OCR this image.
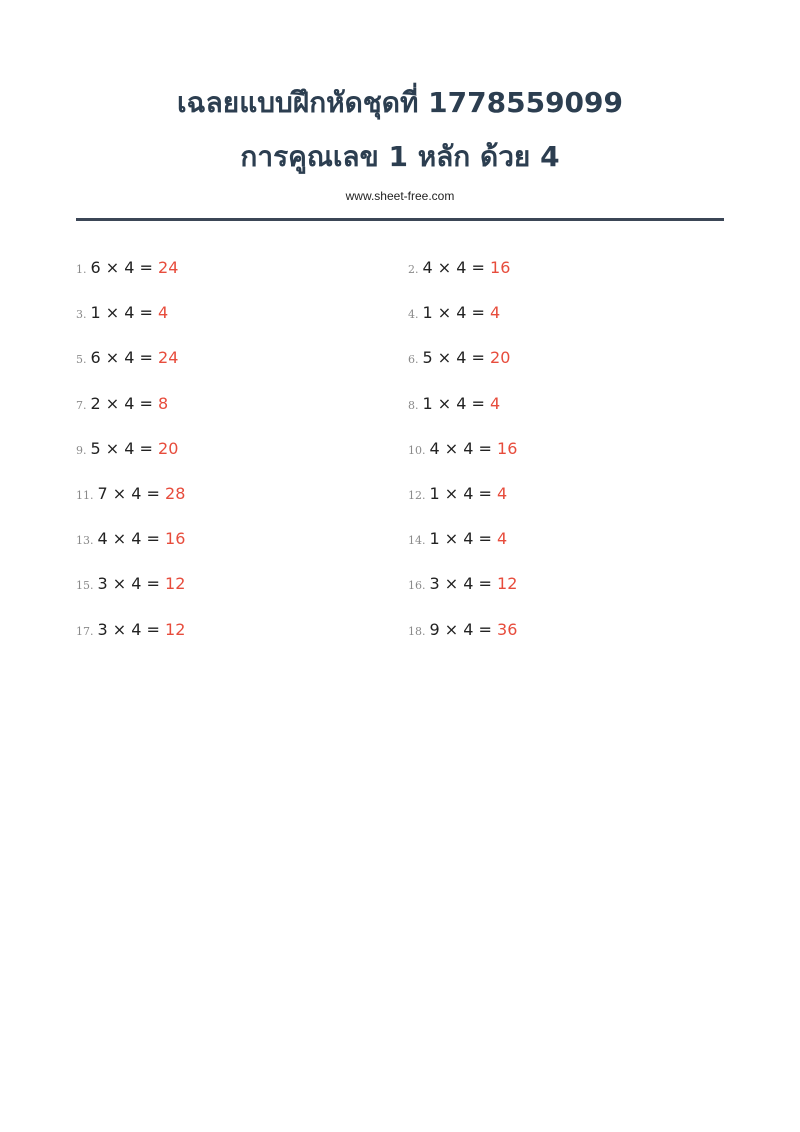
เฉลยแบบฝึกหัดชุดที่ 1778559099
การคูณเลข 1 หลัก ด้วย 4
www.sheet-free.com
1. 6 × 4 = 24	2. 4 × 4 = 16
3. 1 × 4 = 4	4. 1 × 4 = 4
5. 6 × 4 = 24	6. 5 × 4 = 20
7. 2 × 4 = 8	8. 1 × 4 = 4
9. 5 × 4 = 20	10. 4 × 4 = 16
11. 7 × 4 = 28	12. 1 × 4 = 4
13. 4 × 4 = 16	14. 1 × 4 = 4
15. 3 × 4 = 12	16. 3 × 4 = 12
17. 3 × 4 = 12	18. 9 × 4 = 36
